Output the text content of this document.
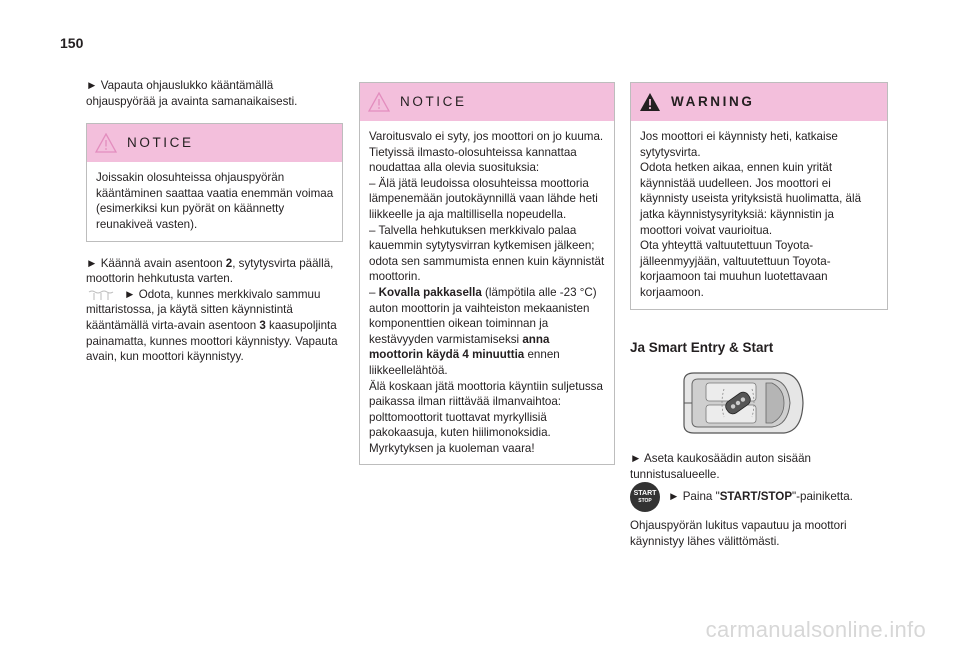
150

► Vapauta ohjauslukko kääntämällä ohjauspyörää ja avainta samanaikaisesti.

NOTICE

Joissakin olosuhteissa ohjauspyörän kääntäminen saattaa vaatia enemmän voimaa (esimerkiksi kun pyörät on käännetty reunakiveä vasten).

► Käännä avain asentoon 2, sytytysvirta päällä, moottorin hehkutusta varten.

► Odota, kunnes merkkivalo sammuu mittaristossa, ja käytä sitten käynnistintä kääntämällä virta-avain asentoon 3 kaasupoljinta painamatta, kunnes moottori käynnistyy. Vapauta avain, kun moottori käynnistyy.

NOTICE

Varoitusvalo ei syty, jos moottori on jo kuuma.

Tietyissä ilmasto-olosuhteissa kannattaa noudattaa alla olevia suosituksia:

– Älä jätä leudoissa olosuhteissa moottoria lämpenemään joutokäynnillä vaan lähde heti liikkeelle ja aja maltillisella nopeudella.

– Talvella hehkutuksen merkkivalo palaa kauemmin sytytysvirran kytkemisen jälkeen; odota sen sammumista ennen kuin käynnistät moottorin.

– Kovalla pakkasella (lämpötila alle -23 °C) auton moottorin ja vaihteiston mekaanisten komponenttien oikean toiminnan ja kestävyyden varmistamiseksi anna moottorin käydä 4 minuuttia ennen liikkeellelähtöä.

Älä koskaan jätä moottoria käyntiin suljetussa paikassa ilman riittävää ilmanvaihtoa: polttomoottorit tuottavat myrkyllisiä pakokaasuja, kuten hiilimonoksidia. Myrkytyksen ja kuoleman vaara!

WARNING

Jos moottori ei käynnisty heti, katkaise sytytysvirta.

Odota hetken aikaa, ennen kuin yrität käynnistää uudelleen. Jos moottori ei käynnisty useista yrityksistä huolimatta, älä jatka käynnistysyrityksiä: käynnistin ja moottori voivat vaurioitua.

Ota yhteyttä valtuutettuun Toyota-jälleenmyyjään, valtuutettuun Toyota-korjaamoon tai muuhun luotettavaan korjaamoon.

Ja Smart Entry & Start

► Aseta kaukosäädin auton sisään tunnistusalueelle.

START
STOP	► Paina "START/STOP"-painiketta.

Ohjauspyörän lukitus vapautuu ja moottori käynnistyy lähes välittömästi.

carmanualsonline.info
